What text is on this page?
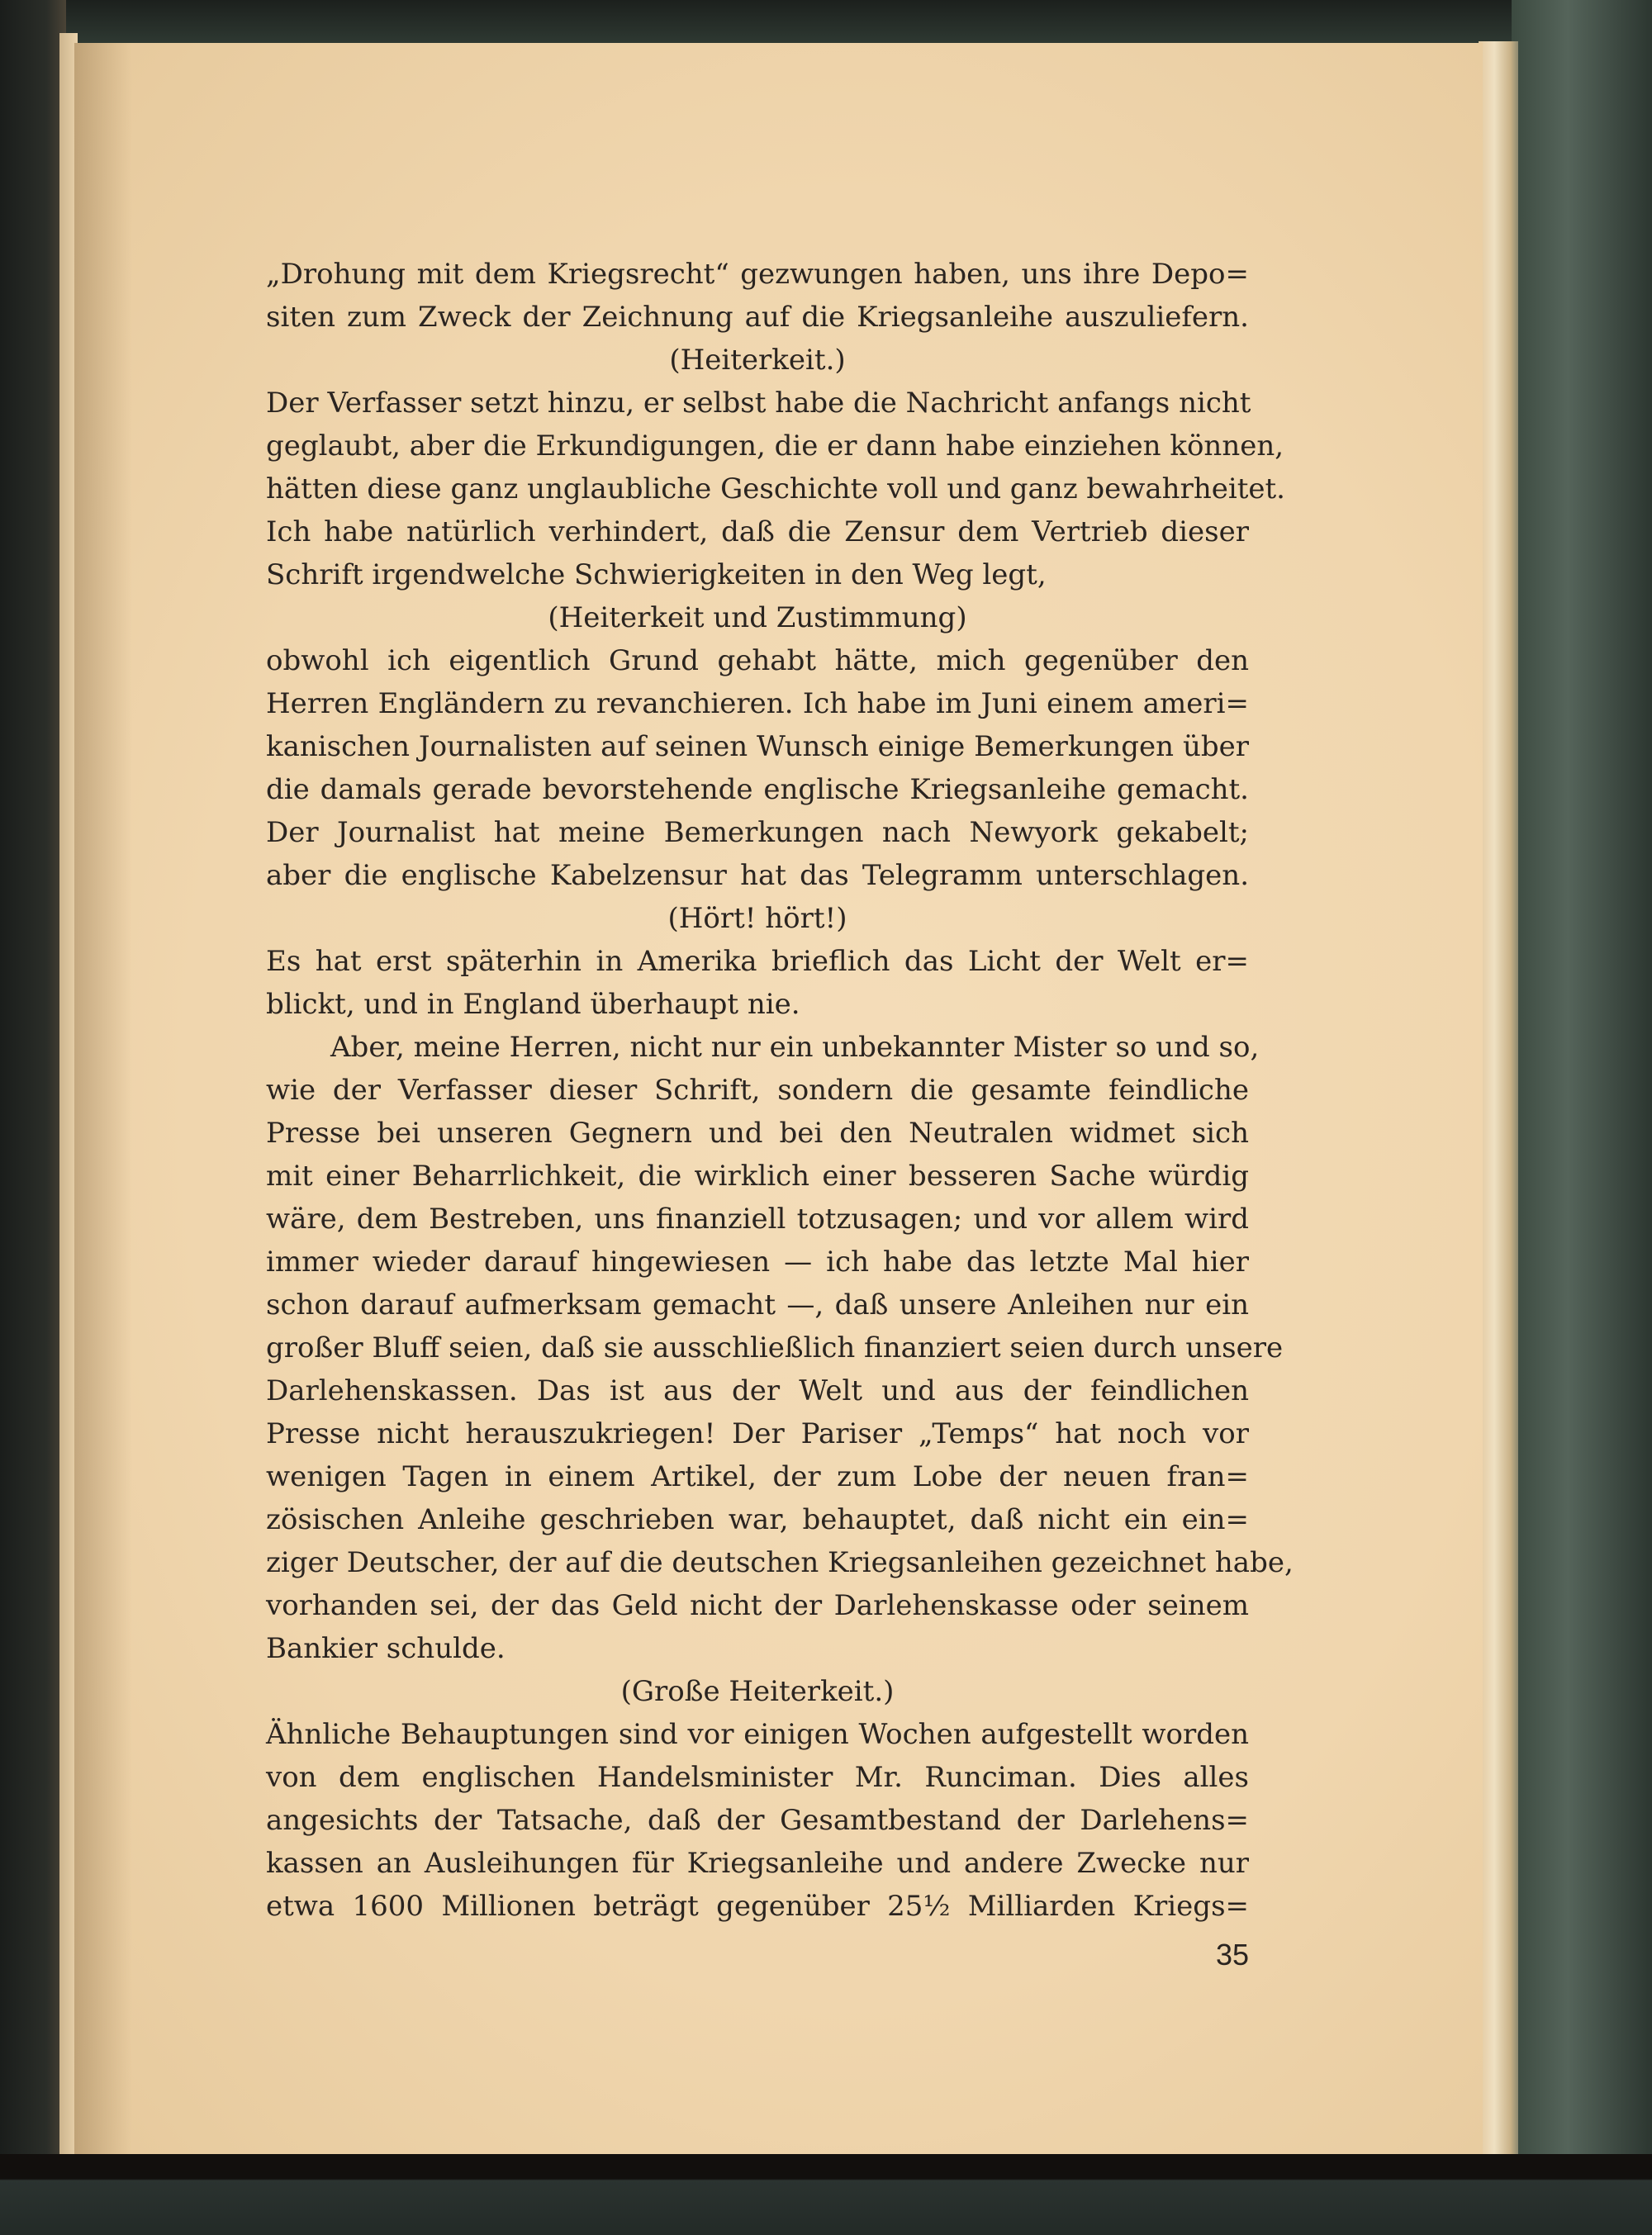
„Drohung mit dem Kriegsrecht“ gezwungen haben, uns ihre Depo=
siten zum Zweck der Zeichnung auf die Kriegsanleihe auszuliefern.
(Heiterkeit.)
Der Verfasser setzt hinzu, er selbst habe die Nachricht anfangs nicht
geglaubt, aber die Erkundigungen, die er dann habe einziehen können,
hätten diese ganz unglaubliche Geschichte voll und ganz bewahrheitet.
Ich habe natürlich verhindert, daß die Zensur dem Vertrieb dieser
Schrift irgendwelche Schwierigkeiten in den Weg legt,
(Heiterkeit und Zustimmung)
obwohl ich eigentlich Grund gehabt hätte, mich gegenüber den
Herren Engländern zu revanchieren. Ich habe im Juni einem ameri=
kanischen Journalisten auf seinen Wunsch einige Bemerkungen über
die damals gerade bevorstehende englische Kriegsanleihe gemacht.
Der Journalist hat meine Bemerkungen nach Newyork gekabelt;
aber die englische Kabelzensur hat das Telegramm unterschlagen.
(Hört! hört!)
Es hat erst späterhin in Amerika brieflich das Licht der Welt er=
blickt, und in England überhaupt nie.
Aber, meine Herren, nicht nur ein unbekannter Mister so und so,
wie der Verfasser dieser Schrift, sondern die gesamte feindliche
Presse bei unseren Gegnern und bei den Neutralen widmet sich
mit einer Beharrlichkeit, die wirklich einer besseren Sache würdig
wäre, dem Bestreben, uns finanziell totzusagen; und vor allem wird
immer wieder darauf hingewiesen — ich habe das letzte Mal hier
schon darauf aufmerksam gemacht —, daß unsere Anleihen nur ein
großer Bluff seien, daß sie ausschließlich finanziert seien durch unsere
Darlehenskassen. Das ist aus der Welt und aus der feindlichen
Presse nicht herauszukriegen! Der Pariser „Temps“ hat noch vor
wenigen Tagen in einem Artikel, der zum Lobe der neuen fran=
zösischen Anleihe geschrieben war, behauptet, daß nicht ein ein=
ziger Deutscher, der auf die deutschen Kriegsanleihen gezeichnet habe,
vorhanden sei, der das Geld nicht der Darlehenskasse oder seinem
Bankier schulde.
(Große Heiterkeit.)
Ähnliche Behauptungen sind vor einigen Wochen aufgestellt worden
von dem englischen Handelsminister Mr. Runciman. Dies alles
angesichts der Tatsache, daß der Gesamtbestand der Darlehens=
kassen an Ausleihungen für Kriegsanleihe und andere Zwecke nur
etwa 1600 Millionen beträgt gegenüber 25½ Milliarden Kriegs=
35
